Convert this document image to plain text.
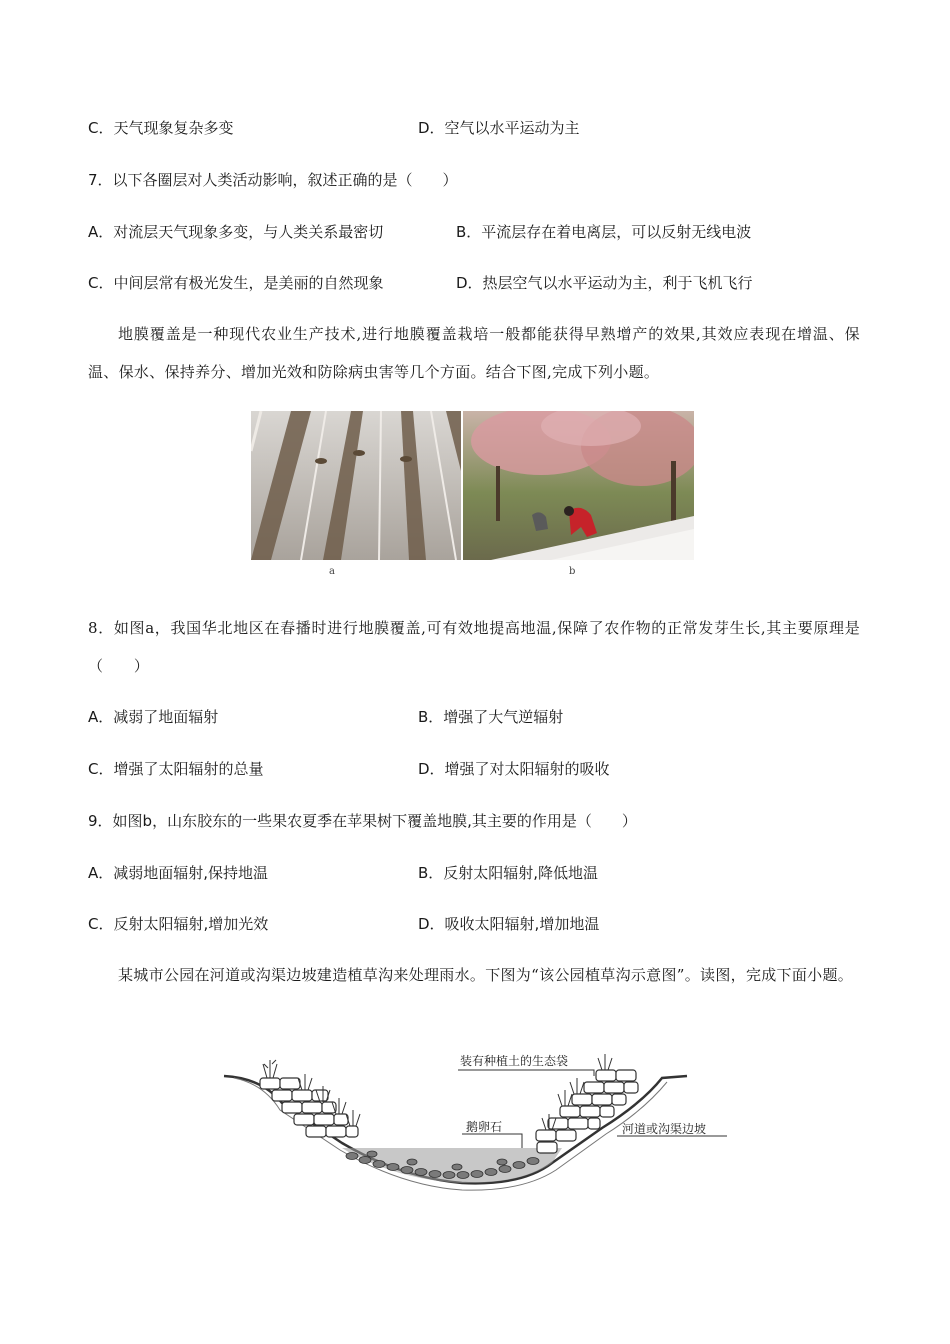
C．天气现象复杂多变	D．空气以水平运动为主
7．以下各圈层对人类活动影响，叙述正确的是（　　）
A．对流层天气现象多变，与人类关系最密切	B．平流层存在着电离层，可以反射无线电波
C．中间层常有极光发生，是美丽的自然现象	D．热层空气以水平运动为主，利于飞机飞行
地膜覆盖是一种现代农业生产技术,进行地膜覆盖栽培一般都能获得早熟增产的效果,其效应表现在增温、保温、保水、保持养分、增加光效和防除病虫害等几个方面。结合下图,完成下列小题。
a	b
8．如图a，我国华北地区在春播时进行地膜覆盖,可有效地提高地温,保障了农作物的正常发芽生长,其主要原理是（　　）
A．减弱了地面辐射	B．增强了大气逆辐射
C．增强了太阳辐射的总量	D．增强了对太阳辐射的吸收
9．如图b，山东胶东的一些果农夏季在苹果树下覆盖地膜,其主要的作用是（　　）
A．减弱地面辐射,保持地温	B．反射太阳辐射,降低地温
C．反射太阳辐射,增加光效	D．吸收太阳辐射,增加地温
某城市公园在河道或沟渠边坡建造植草沟来处理雨水。下图为“该公园植草沟示意图”。读图，完成下面小题。
装有种植土的生态袋
鹅卵石	河道或沟渠边坡
